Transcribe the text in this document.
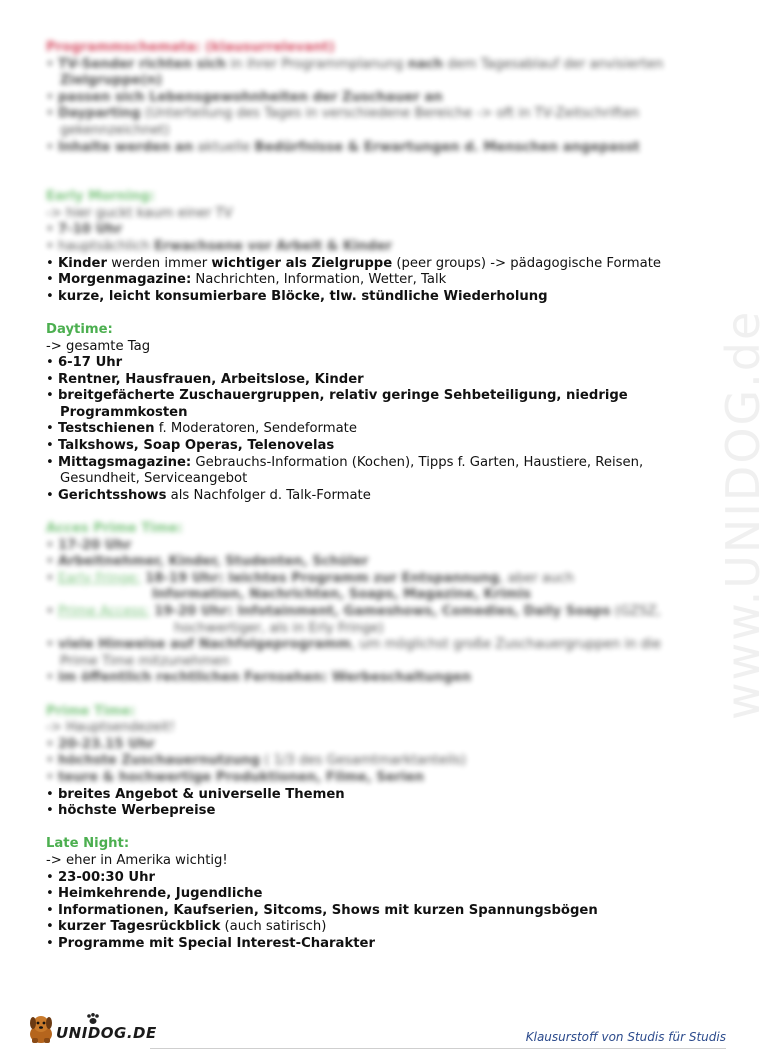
www.UNIDOG.de
Programmschemata: (klausurrelevant)
• TV-Sender richten sich in ihrer Programmplanung nach dem Tagesablauf der anvisierten
Zielgruppe(n)
• passen sich Lebensgewohnheiten der Zuschauer an
• Dayparting (Unterteilung des Tages in verschiedene Bereiche -> oft in TV-Zeitschriften
gekennzeichnet)
• Inhalte werden an aktuelle Bedürfnisse & Erwartungen d. Menschen angepasst
Early Morning:
-> hier guckt kaum einer TV
• 7-10 Uhr
• hauptsächlich Erwachsene vor Arbeit & Kinder
• Kinder werden immer wichtiger als Zielgruppe (peer groups) -> pädagogische Formate
• Morgenmagazine: Nachrichten, Information, Wetter, Talk
• kurze, leicht konsumierbare Blöcke, tlw. stündliche Wiederholung
Daytime:
-> gesamte Tag
• 6-17 Uhr
• Rentner, Hausfrauen, Arbeitslose, Kinder
• breitgefächerte Zuschauergruppen, relativ geringe Sehbeteiligung, niedrige
Programmkosten
• Testschienen f. Moderatoren, Sendeformate
• Talkshows, Soap Operas, Telenovelas
• Mittagsmagazine: Gebrauchs-Information (Kochen), Tipps f. Garten, Haustiere, Reisen,
Gesundheit, Serviceangebot
• Gerichtsshows als Nachfolger d. Talk-Formate
Acces Prime Time:
• 17-20 Uhr
• Arbeitnehmer, Kinder, Studenten, Schüler
• Early Fringe: 18-19 Uhr: leichtes Programm zur Entspannung, aber auch
Information, Nachrichten, Soaps, Magazine, Krimis
• Prime Access: 19-20 Uhr: Infotainment, Gameshows, Comedies, Daily Soaps (GZSZ,
hochwertiger, als in Erly Fringe)
• viele Hinweise auf Nachfolgeprogramm, um möglichst große Zuschauergruppen in die
Prime Time mitzunehmen
• im öffentlich rechtlichen Fernsehen: Werbeschaltungen
Prime Time:
-> Hauptsendezeit!
• 20-23.15 Uhr
• höchste Zuschauernutzung ( 1/3 des Gesamtmarktanteils)
• teure & hochwertige Produktionen, Filme, Serien
• breites Angebot & universelle Themen
• höchste Werbepreise
Late Night:
-> eher in Amerika wichtig!
• 23-00:30 Uhr
• Heimkehrende, Jugendliche
• Informationen, Kaufserien, Sitcoms, Shows mit kurzen Spannungsbögen
• kurzer Tagesrückblick (auch satirisch)
• Programme mit Special Interest-Charakter
UNIDOG.DE	Klausurstoff von Studis für Studis
